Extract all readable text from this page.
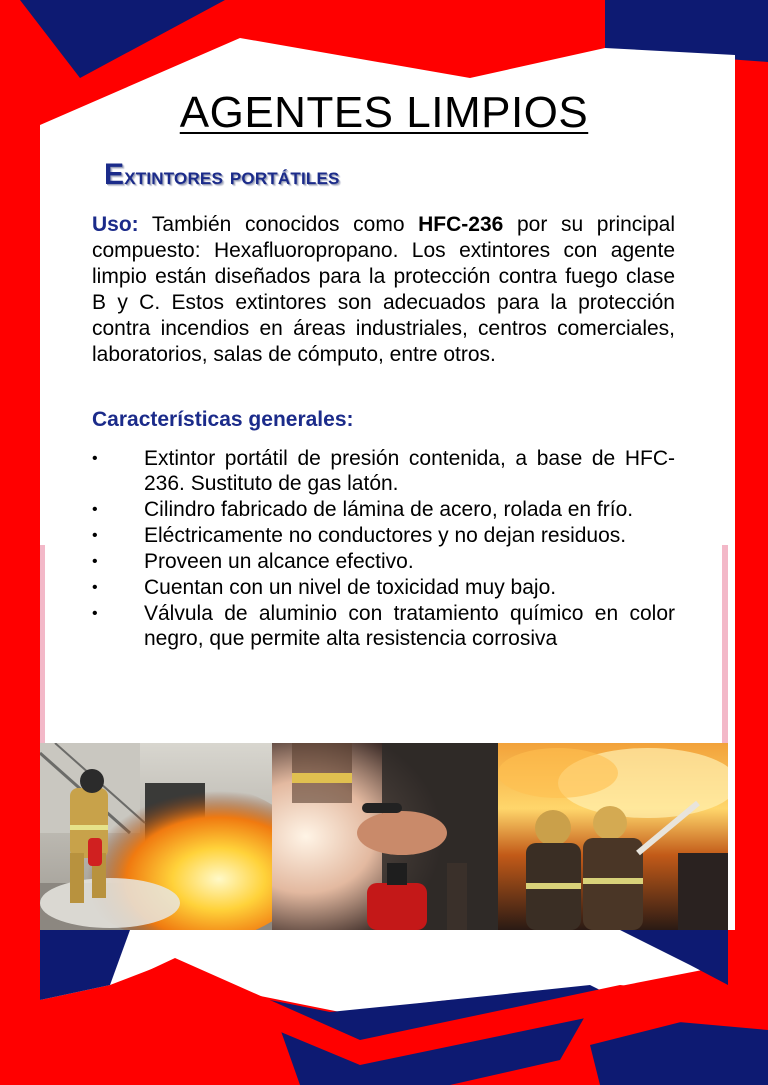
AGENTES LIMPIOS
Extintores portátiles
Uso: También conocidos como HFC-236 por su principal compuesto: Hexafluoropropano. Los extintores con agente limpio están diseñados para la protección contra fuego clase B y C. Estos extintores son adecuados para la protección contra incendios en áreas industriales, centros comerciales, laboratorios, salas de cómputo, entre otros.
Características generales:
• Extintor portátil de presión contenida, a base de HFC-236. Sustituto de gas latón.
• Cilindro fabricado de lámina de acero, rolada en frío.
• Eléctricamente no conductores y no dejan residuos.
• Proveen un alcance efectivo.
• Cuentan con un nivel de toxicidad muy bajo.
• Válvula de aluminio con tratamiento químico en color negro, que permite alta resistencia corrosiva
